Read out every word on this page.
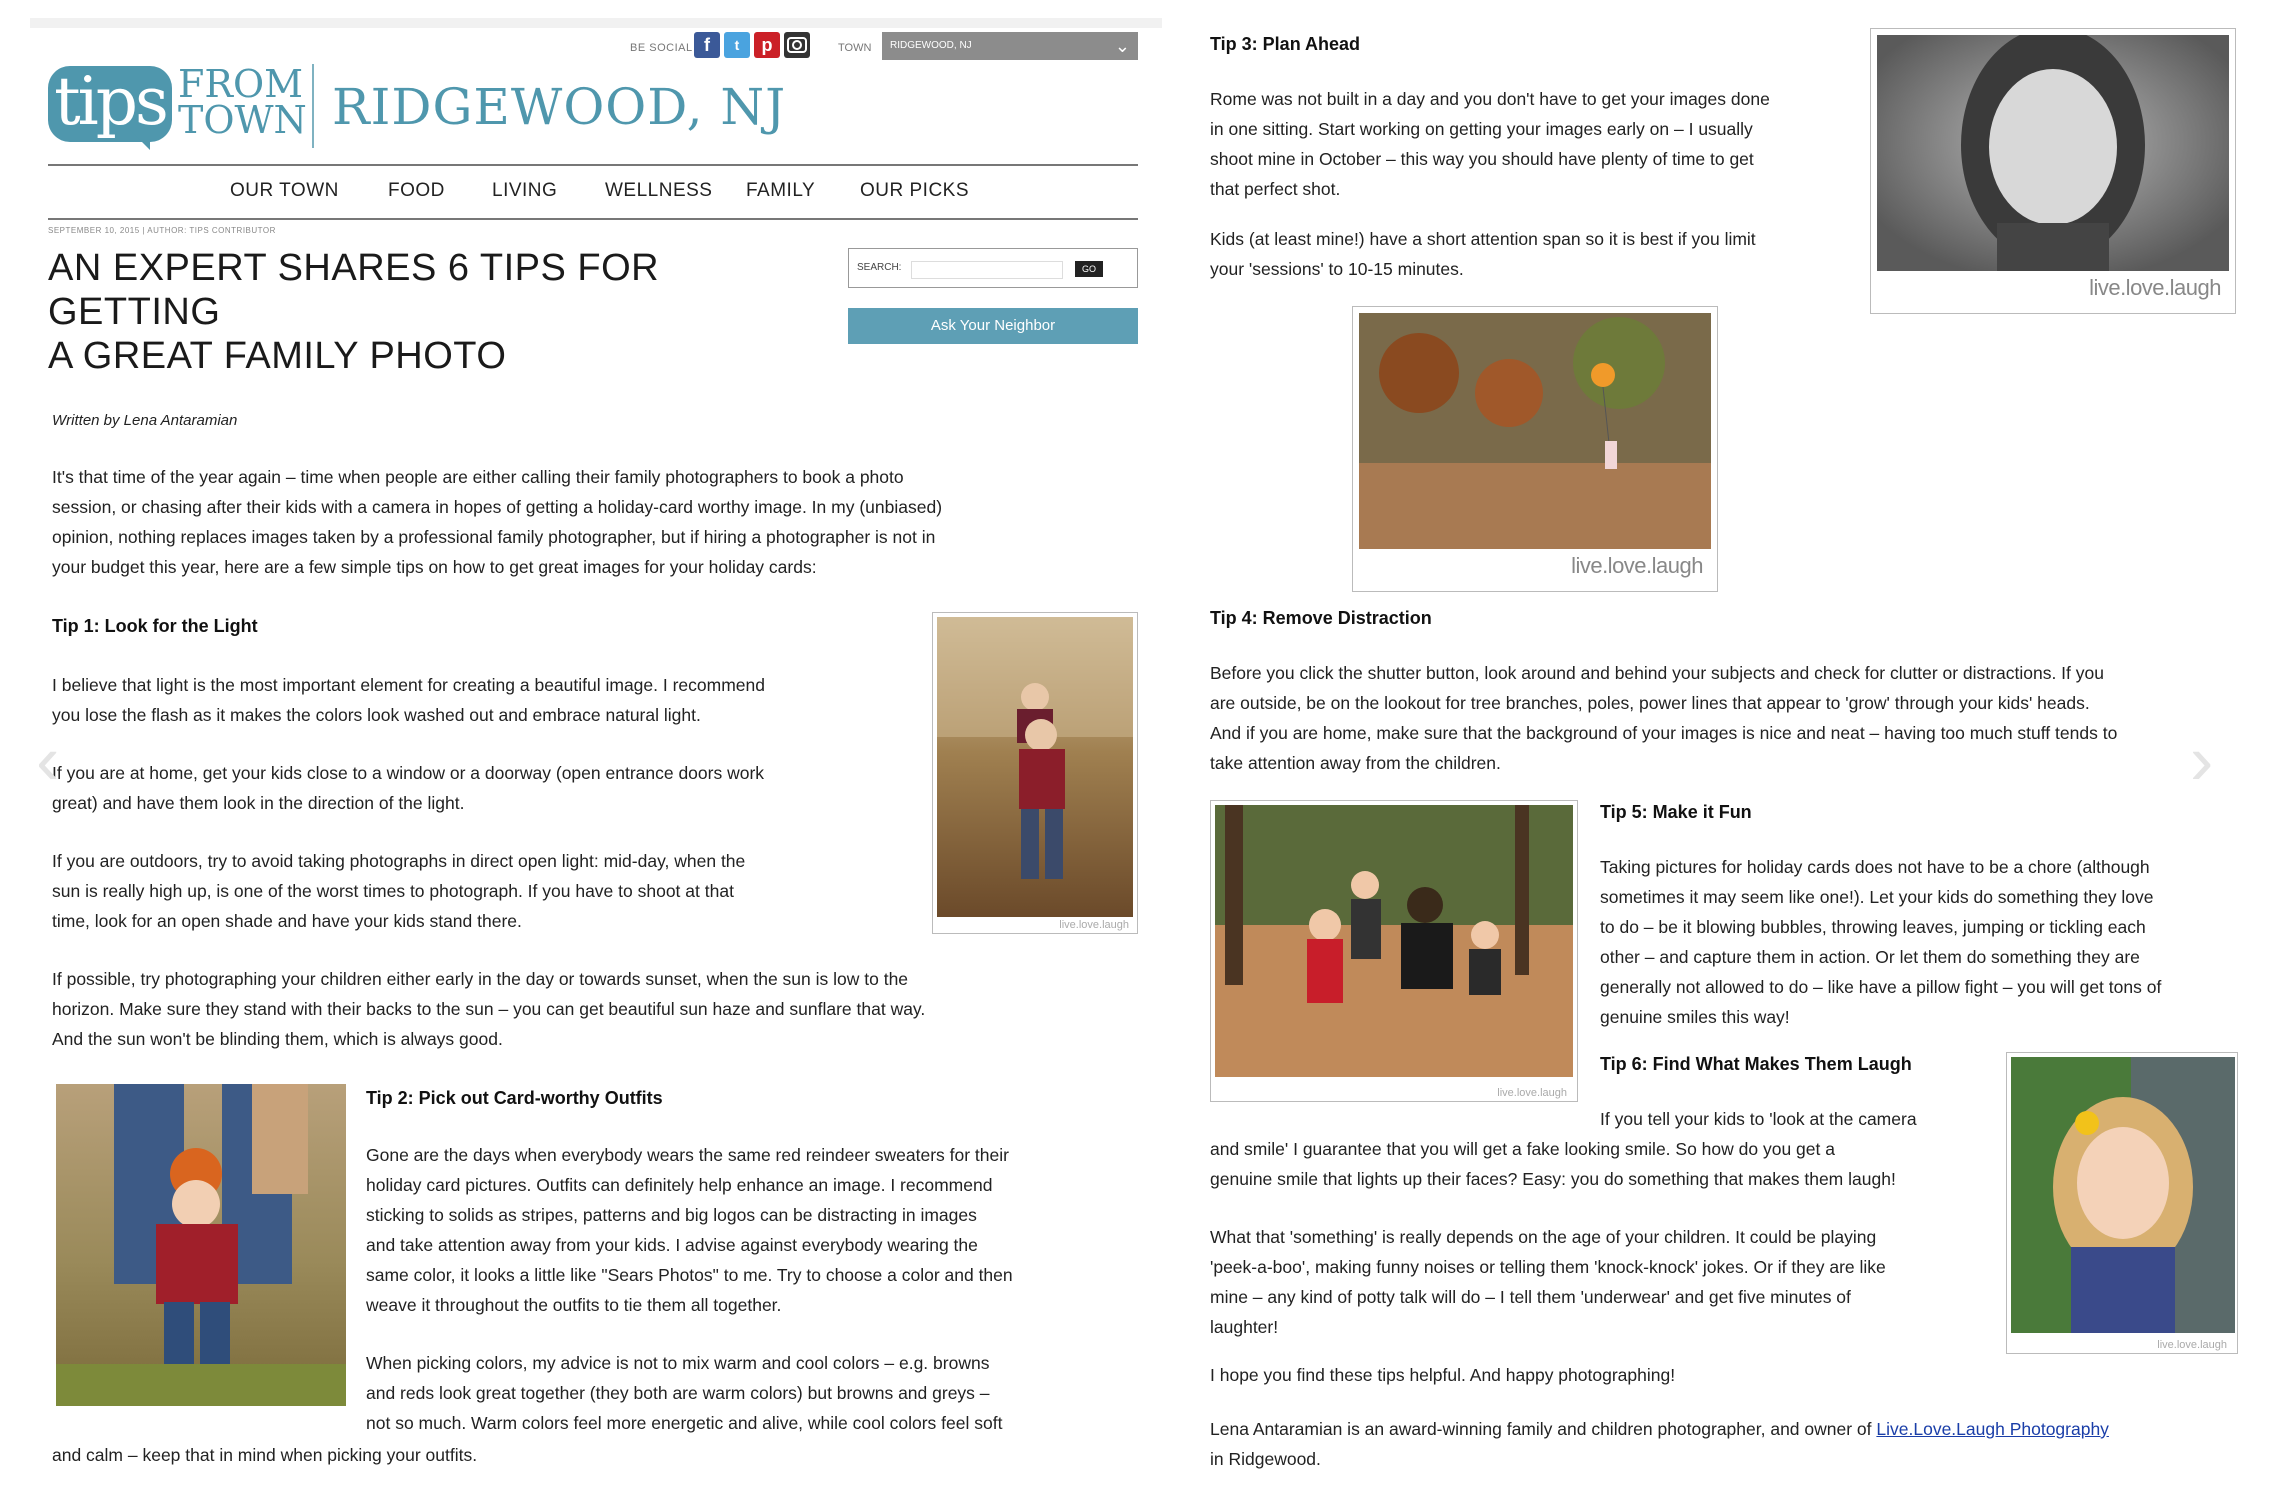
BE SOCIAL f	t	p	TOWN	RIDGEWOOD, NJ	⌄
tips FROM
TOWN RIDGEWOOD, NJ
OUR TOWN	FOOD LIVING	WELLNESS FAMILY OUR PICKS
SEPTEMBER 10, 2015 | AUTHOR: TIPS CONTRIBUTOR
AN EXPERT SHARES 6 TIPS FOR GETTING
A GREAT FAMILY PHOTO
SEARCH:	GO
Ask Your Neighbor
Written by Lena Antaramian
It's that time of the year again – time when people are either calling their family photographers to book a photo
session, or chasing after their kids with a camera in hopes of getting a holiday-card worthy image. In my (unbiased)
opinion, nothing replaces images taken by a professional family photographer, but if hiring a photographer is not in
your budget this year, here are a few simple tips on how to get great images for your holiday cards:
Tip 1: Look for the Light
I believe that light is the most important element for creating a beautiful image. I recommend
you lose the flash as it makes the colors look washed out and embrace natural light.
If you are at home, get your kids close to a window or a doorway (open entrance doors work
great) and have them look in the direction of the light.
If you are outdoors, try to avoid taking photographs in direct open light: mid-day, when the
sun is really high up, is one of the worst times to photograph. If you have to shoot at that
time, look for an open shade and have your kids stand there.
If possible, try photographing your children either early in the day or towards sunset, when the sun is low to the
horizon. Make sure they stand with their backs to the sun – you can get beautiful sun haze and sunflare that way.
And the sun won't be blinding them, which is always good.
live.love.laugh
Tip 2: Pick out Card-worthy Outfits
Gone are the days when everybody wears the same red reindeer sweaters for their
holiday card pictures. Outfits can definitely help enhance an image. I recommend
sticking to solids as stripes, patterns and big logos can be distracting in images
and take attention away from your kids. I advise against everybody wearing the
same color, it looks a little like "Sears Photos" to me. Try to choose a color and then
weave it throughout the outfits to tie them all together.
When picking colors, my advice is not to mix warm and cool colors – e.g. browns
and reds look great together (they both are warm colors) but browns and greys –
not so much. Warm colors feel more energetic and alive, while cool colors feel soft
and calm – keep that in mind when picking your outfits.
‹	›
Tip 3: Plan Ahead
Rome was not built in a day and you don't have to get your images done
in one sitting. Start working on getting your images early on – I usually
shoot mine in October – this way you should have plenty of time to get
that perfect shot.
Kids (at least mine!) have a short attention span so it is best if you limit
your 'sessions' to 10-15 minutes.
live.love.laugh
live.love.laugh
Tip 4: Remove Distraction
Before you click the shutter button, look around and behind your subjects and check for clutter or distractions. If you
are outside, be on the lookout for tree branches, poles, power lines that appear to 'grow' through your kids' heads.
And if you are home, make sure that the background of your images is nice and neat – having too much stuff tends to
take attention away from the children.
live.love.laugh
Tip 5: Make it Fun
Taking pictures for holiday cards does not have to be a chore (although
sometimes it may seem like one!). Let your kids do something they love
to do – be it blowing bubbles, throwing leaves, jumping or tickling each
other – and capture them in action. Or let them do something they are
generally not allowed to do – like have a pillow fight – you will get tons of
genuine smiles this way!
Tip 6: Find What Makes Them Laugh
If you tell your kids to 'look at the camera
and smile' I guarantee that you will get a fake looking smile. So how do you get a
genuine smile that lights up their faces? Easy: you do something that makes them laugh!
What that 'something' is really depends on the age of your children. It could be playing
'peek-a-boo', making funny noises or telling them 'knock-knock' jokes. Or if they are like
mine – any kind of potty talk will do – I tell them 'underwear' and get five minutes of
laughter!
live.love.laugh
I hope you find these tips helpful. And happy photographing!
Lena Antaramian is an award-winning family and children photographer, and owner of Live.Love.Laugh Photography
in Ridgewood.
